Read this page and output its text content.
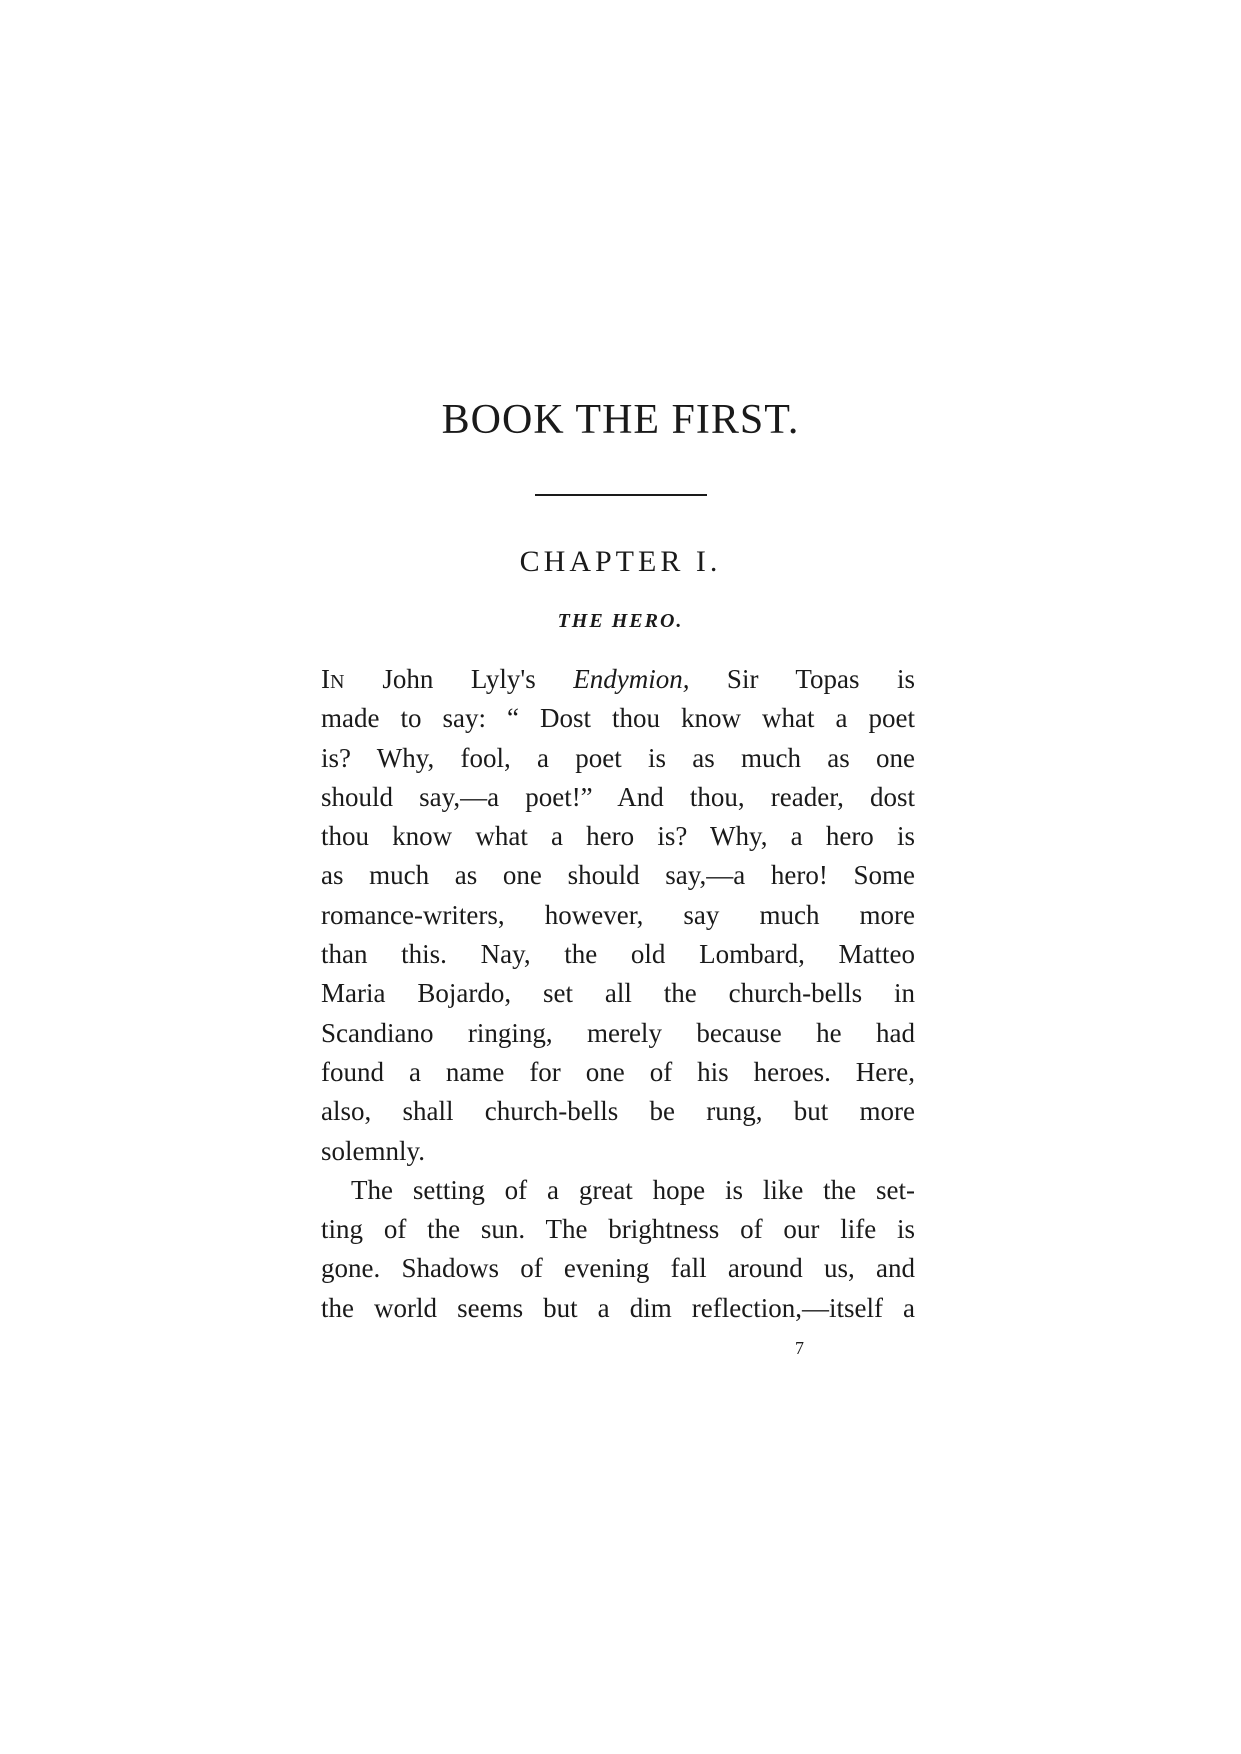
BOOK THE FIRST.
CHAPTER I.
THE HERO.
IN John Lyly's Endymion, Sir Topas is
made to say: “ Dost thou know what a poet
is? Why, fool, a poet is as much as one
should say,—a poet!” And thou, reader, dost
thou know what a hero is? Why, a hero is
as much as one should say,—a hero! Some
romance-writers, however, say much more
than this. Nay, the old Lombard, Matteo
Maria Bojardo, set all the church-bells in
Scandiano ringing, merely because he had
found a name for one of his heroes. Here,
also, shall church-bells be rung, but more
solemnly.
The setting of a great hope is like the set-
ting of the sun. The brightness of our life is
gone. Shadows of evening fall around us, and
the world seems but a dim reflection,—itself a
7
